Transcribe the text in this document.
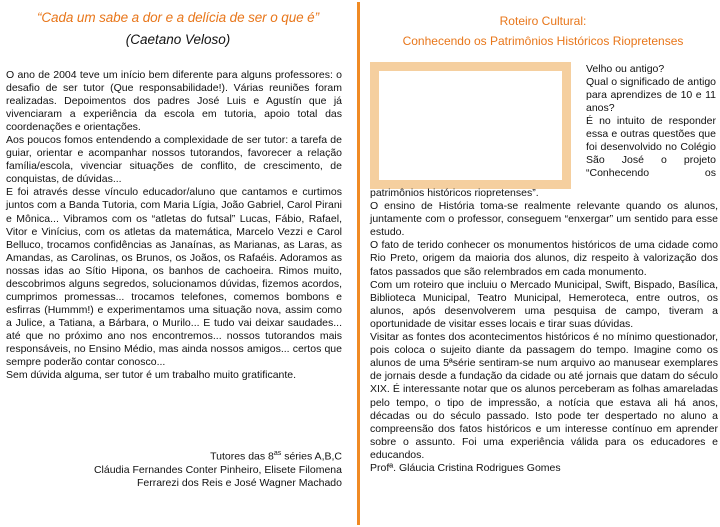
“Cada um sabe a dor e a delícia de ser o que é”
(Caetano Veloso)

O ano de 2004 teve um início bem diferente para alguns professores: o desafio de ser tutor (Que responsabilidade!). Várias reuniões foram realizadas. Depoimentos dos padres José Luis e Agustín que já vivenciaram a experiência da escola em tutoria, apoio total das coordenações e orientações.

Aos poucos fomos entendendo a complexidade de ser tutor: a tarefa de guiar, orientar e acompanhar nossos tutorandos, favorecer a relação família/escola, vivenciar situações de conflito, de crescimento, de conquistas, de dúvidas...

E foi através desse vínculo educador/aluno que cantamos e curtimos juntos com a Banda Tutoria, com Maria Lígia, João Gabriel, Carol Pirani e Mônica... Vibramos com os “atletas do futsal” Lucas, Fábio, Rafael, Vitor e Vinícius, com os atletas da matemática, Marcelo Vezzi e Carol Belluco, trocamos confidências as Janaínas, as Marianas, as Laras, as Amandas, as Carolinas, os Brunos, os Joãos, os Rafaéis. Adoramos as nossas idas ao Sítio Hipona, os banhos de cachoeira. Rimos muito, descobrimos alguns segredos, solucionamos dúvidas, fizemos acordos, cumprimos promessas... trocamos telefones, comemos bombons e esfirras (Hummm!) e experimentamos uma situação nova, assim como a Julice, a Tatiana, a Bárbara, o Murilo... E tudo vai deixar saudades... até que no próximo ano nos encontremos... nossos tutorandos mais responsáveis, no Ensino Médio, mas ainda nossos amigos... certos que sempre poderão contar conosco...

Sem dúvida alguma, ser tutor é um trabalho muito gratificante.

Tutores das $8^{as}$ séries A,B,C
Cláudia Fernandes Conter Pinheiro, Elisete Filomena
Ferrarezi dos Reis e José Wagner Machado
Roteiro Cultural:
Conhecendo os Patrimônios Históricos Riopretenses

Velho ou antigo?

Qual o significado de antigo para aprendizes de 10 e 11 anos?

É no intuito de responder essa e outras questões que foi desenvolvido no Colégio São José o projeto “Conhecendo os

patrimônios históricos riopretenses”.

O ensino de História toma-se realmente relevante quando os alunos, juntamente com o professor, conseguem “enxergar” um sentido para esse estudo.

O fato de terido conhecer os monumentos históricos de uma cidade como Rio Preto, origem da maioria dos alunos, diz respeito à valorização dos fatos passados que são relembrados em cada monumento.

Com um roteiro que incluiu o Mercado Municipal, Swift, Bispado, Basílica, Biblioteca Municipal, Teatro Municipal, Hemeroteca, entre outros, os alunos, após desenvolverem uma pesquisa de campo, tiveram a oportunidade de visitar esses locais e tirar suas dúvidas.

Visitar as fontes dos acontecimentos históricos é no mínimo questionador, pois coloca o sujeito diante da passagem do tempo. Imagine como os alunos de uma 5ªsérie sentiram-se num arquivo ao manusear exemplares de jornais desde a fundação da cidade ou até jornais que datam do século XIX. É interessante notar que os alunos perceberam as folhas amareladas pelo tempo, o tipo de impressão, a notícia que estava ali há anos, décadas ou do século passado. Isto pode ter despertado no aluno a compreensão dos fatos históricos e um interesse contínuo em aprender sobre o assunto. Foi uma experiência válida para os educadores e educandos.

Profª. Gláucia Cristina Rodrigues Gomes
